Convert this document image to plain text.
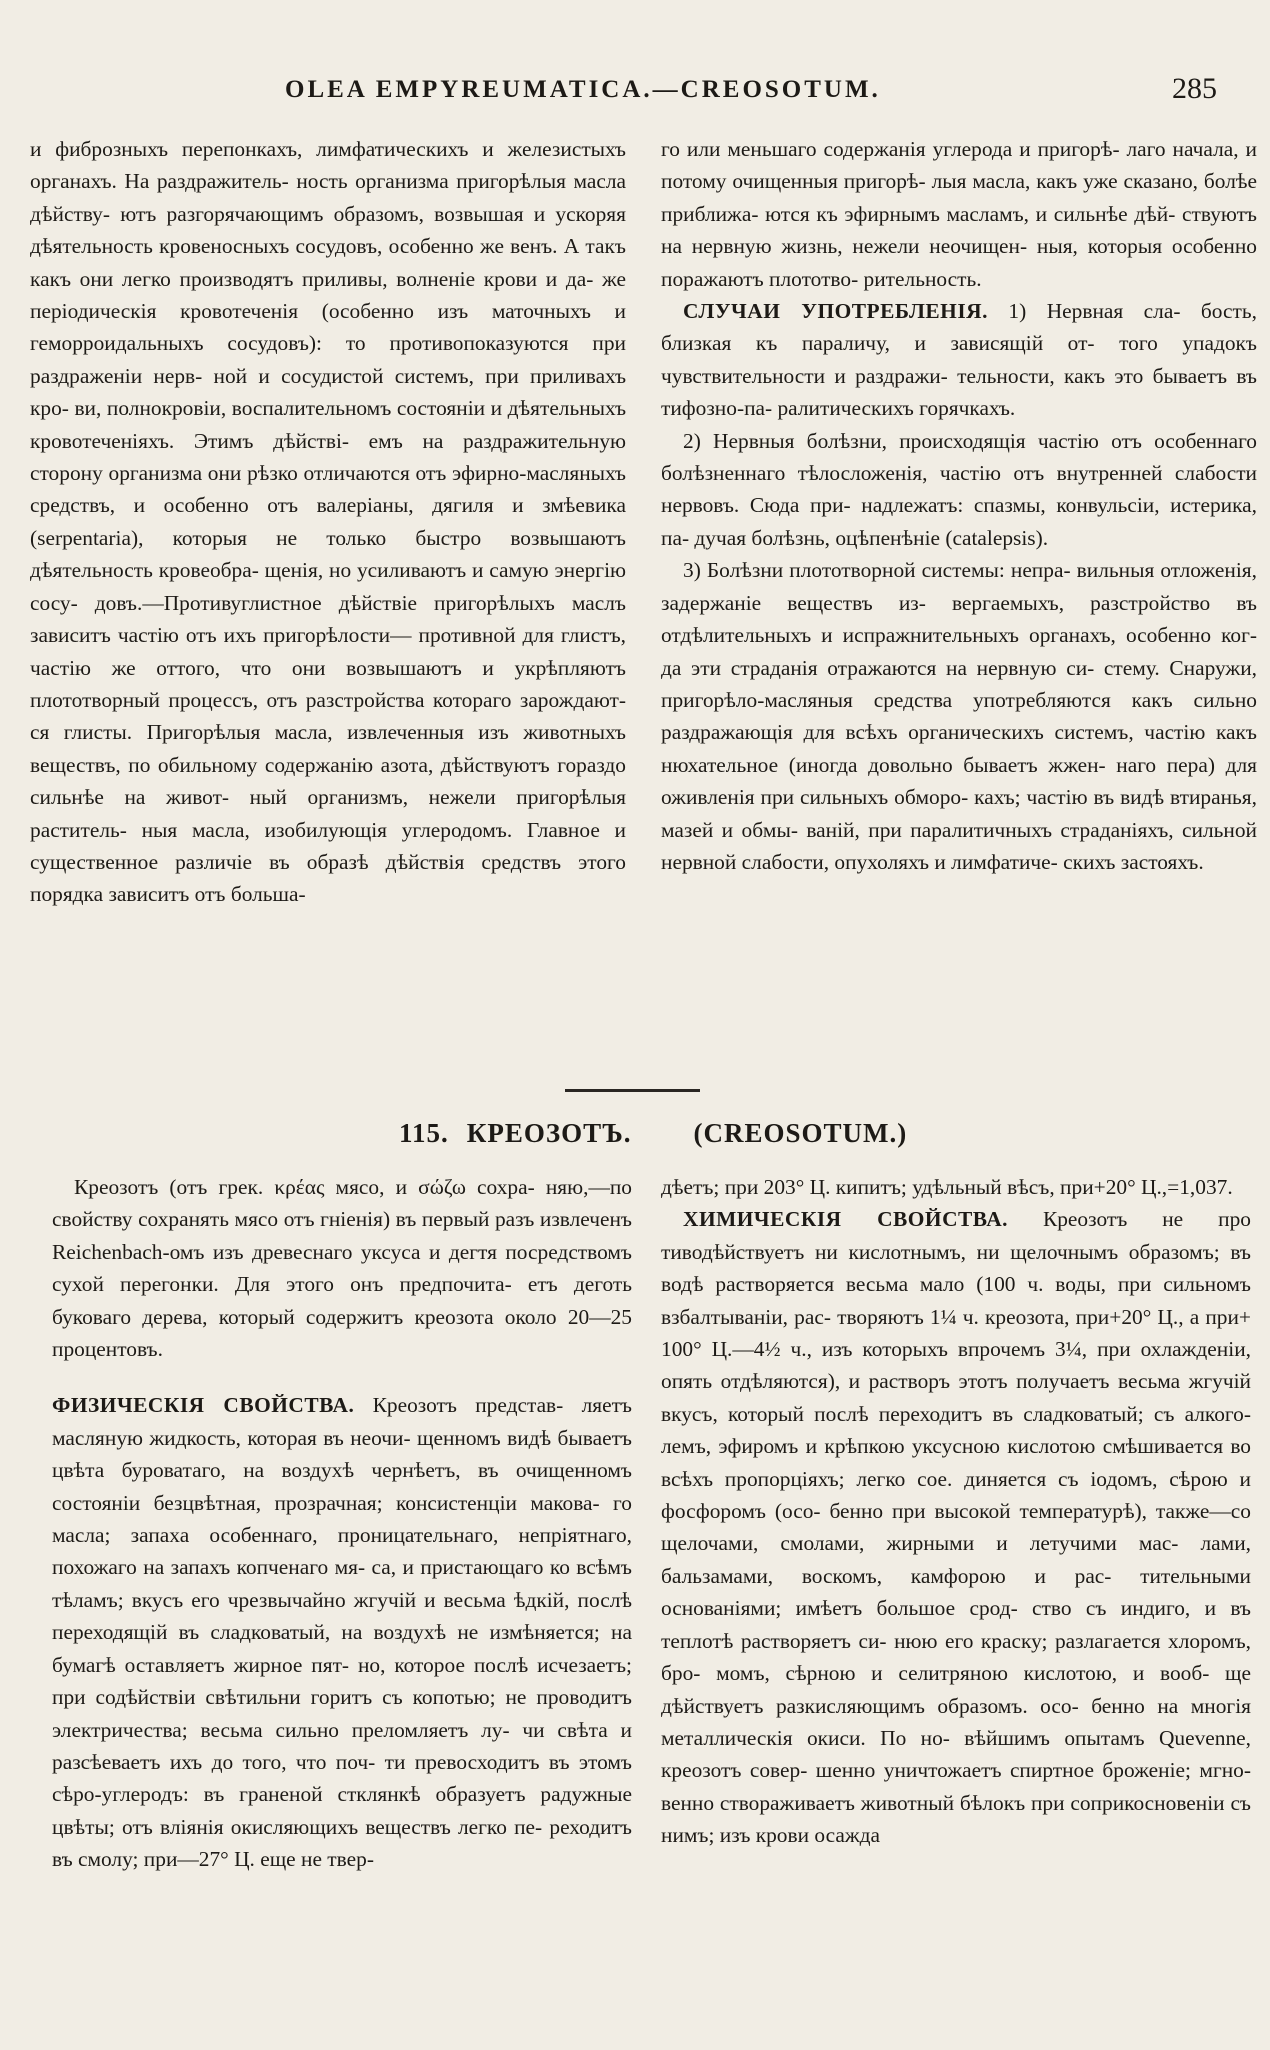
OLEA EMPYREUMATICA.—CREOSOTUM.	285

и фиброзныхъ перепонкахъ, лимфатическихъ и железистыхъ органахъ. На раздражитель- ность организма пригорѣлыя масла дѣйству- ютъ разгорячающимъ образомъ, возвышая и ускоряя дѣятельность кровеносныхъ сосудовъ, особенно же венъ. А такъ какъ они легко производятъ приливы, волненіе крови и да- же періодическія кровотеченія (особенно изъ маточныхъ и геморроидальныхъ сосудовъ): то противопоказуются при раздраженіи нерв- ной и сосудистой системъ, при приливахъ кро- ви, полнокровіи, воспалительномъ состояніи и дѣятельныхъ кровотеченіяхъ. Этимъ дѣйстві- емъ на раздражительную сторону организма они рѣзко отличаются отъ эфирно-масляныхъ средствъ, и особенно отъ валеріаны, дягиля и змѣевика (serpentaria), которыя не только быстро возвышаютъ дѣятельность кровеобра- щенія, но усиливаютъ и самую энергію сосу- довъ.—Противуглистное дѣйствіе пригорѣлыхъ маслъ зависитъ частію отъ ихъ пригорѣлости— противной для глистъ, частію же оттого, что они возвышаютъ и укрѣпляютъ плототворный процессъ, отъ разстройства котораго зарождают- ся глисты. Пригорѣлыя масла, извлеченныя изъ животныхъ веществъ, по обильному содержанію азота, дѣйствуютъ гораздо сильнѣе на живот- ный организмъ, нежели пригорѣлыя раститель- ныя масла, изобилующія углеродомъ. Главное и существенное различіе въ образѣ дѣйствія средствъ этого порядка зависитъ отъ большa-

го или меньшаго содержанія углерода и пригорѣ- лаго начала, и потому очищенныя пригорѣ- лыя масла, какъ уже сказано, болѣе приближа- ются къ эфирнымъ масламъ, и сильнѣе дѣй- ствуютъ на нервную жизнь, нежели неочищен- ныя, которыя особенно поражаютъ плототво- рительность.

СЛУЧАИ УПОТРЕБЛЕНІЯ. 1) Нервная сла- бость, близкая къ параличу, и зависящій от- того упадокъ чувствительности и раздражи- тельности, какъ это бываетъ въ тифозно-па- ралитическихъ горячкахъ.

2) Нервныя болѣзни, происходящія частію отъ особеннаго болѣзненнаго тѣлосложенія, частію отъ внутренней слабости нервовъ. Сюда при- надлежатъ: спазмы, конвульсіи, истерика, па- дучая болѣзнь, оцѣпенѣніе (catalepsis).

3) Болѣзни плототворной системы: непра- вильныя отложенія, задержаніе веществъ из- вергаемыхъ, разстройство въ отдѣлительныхъ и испражнительныхъ органахъ, особенно ког- да эти страданія отражаются на нервную си- стему. Снаружи, пригорѣло-масляныя средства употребляются какъ сильно раздражающія для всѣхъ органическихъ системъ, частію какъ нюхательное (иногда довольно бываетъ жжен- наго пера) для оживленія при сильныхъ обморо- кахъ; частію въ видѣ втиранья, мазей и обмы- ваній, при паралитичныхъ страданіяхъ, сильной нервной слабости, опухоляхъ и лимфатиче- скихъ застояхъ.

115. КРЕОЗОТЪ. (CREOSOTUM.)

Креозотъ (отъ грек. κρέας мясо, и σώζω сохра- няю,—по свойству сохранять мясо отъ гніенія) въ первый разъ извлеченъ Reichenbach-омъ изъ древеснаго уксуса и дегтя посредствомъ сухой перегонки. Для этого онъ предпочита- етъ деготь буковаго дерева, который содержитъ креозота около 20—25 процентовъ.

ФИЗИЧЕСКІЯ СВОЙСТВА. Креозотъ представ- ляетъ масляную жидкость, которая въ неочи- щенномъ видѣ бываетъ цвѣта буроватаго, на воздухѣ чернѣетъ, въ очищенномъ состояніи безцвѣтная, прозрачная; консистенціи макова- го масла; запаха особеннаго, проницательнаго, непріятнаго, похожаго на запахъ копченаго мя- са, и пристающаго ко всѣмъ тѣламъ; вкусъ его чрезвычайно жгучій и весьма ѣдкій, послѣ переходящій въ сладковатый, на воздухѣ не измѣняется; на бумагѣ оставляетъ жирное пят- но, которое послѣ исчезаетъ; при содѣйствіи свѣтильни горитъ съ копотью; не проводитъ электричества; весьма сильно преломляетъ лу- чи свѣта и разсѣеваетъ ихъ до того, что поч- ти превосходитъ въ этомъ сѣро-углеродъ: въ граненой стклянкѣ образуетъ радужные цвѣты; отъ вліянія окисляющихъ веществъ легко пе- реходитъ въ смолу; при—27° Ц. еще не твер-

дѣетъ; при 203° Ц. кипитъ; удѣльный вѣсъ, при+20° Ц.,=1,037.

ХИМИЧЕСКІЯ СВОЙСТВА. Креозотъ не про тиводѣйствуетъ ни кислотнымъ, ни щелочнымъ образомъ; въ водѣ растворяется весьма мало (100 ч. воды, при сильномъ взбалтываніи, рас- творяютъ 1¼ ч. креозота, при+20° Ц., а при+ 100° Ц.—4½ ч., изъ которыхъ впрочемъ 3¼, при охлажденіи, опять отдѣляются), и растворъ этотъ получаетъ весьма жгучій вкусъ, который послѣ переходитъ въ сладковатый; съ алкого- лемъ, эфиромъ и крѣпкою уксусною кислотою смѣшивается во всѣхъ пропорціяхъ; легко сое. диняется съ іодомъ, сѣрою и фосфоромъ (осо- бенно при высокой температурѣ), также—со щелочами, смолами, жирными и летучими мас- лами, бальзамами, воскомъ, камфорою и рас- тительными основаніями; имѣетъ большое срод- ство съ индиго, и въ теплотѣ растворяетъ си- нюю его краску; разлагается хлоромъ, бро- момъ, сѣрною и селитряною кислотою, и вооб- ще дѣйствуетъ разкисляющимъ образомъ. осо- бенно на многія металлическія окиси. По но- вѣйшимъ опытамъ Quevenne, креозотъ совер- шенно уничтожаетъ спиртное броженіе; мгно- венно створаживаетъ животный бѣлокъ при соприкосновеніи съ нимъ; изъ крови осажда
